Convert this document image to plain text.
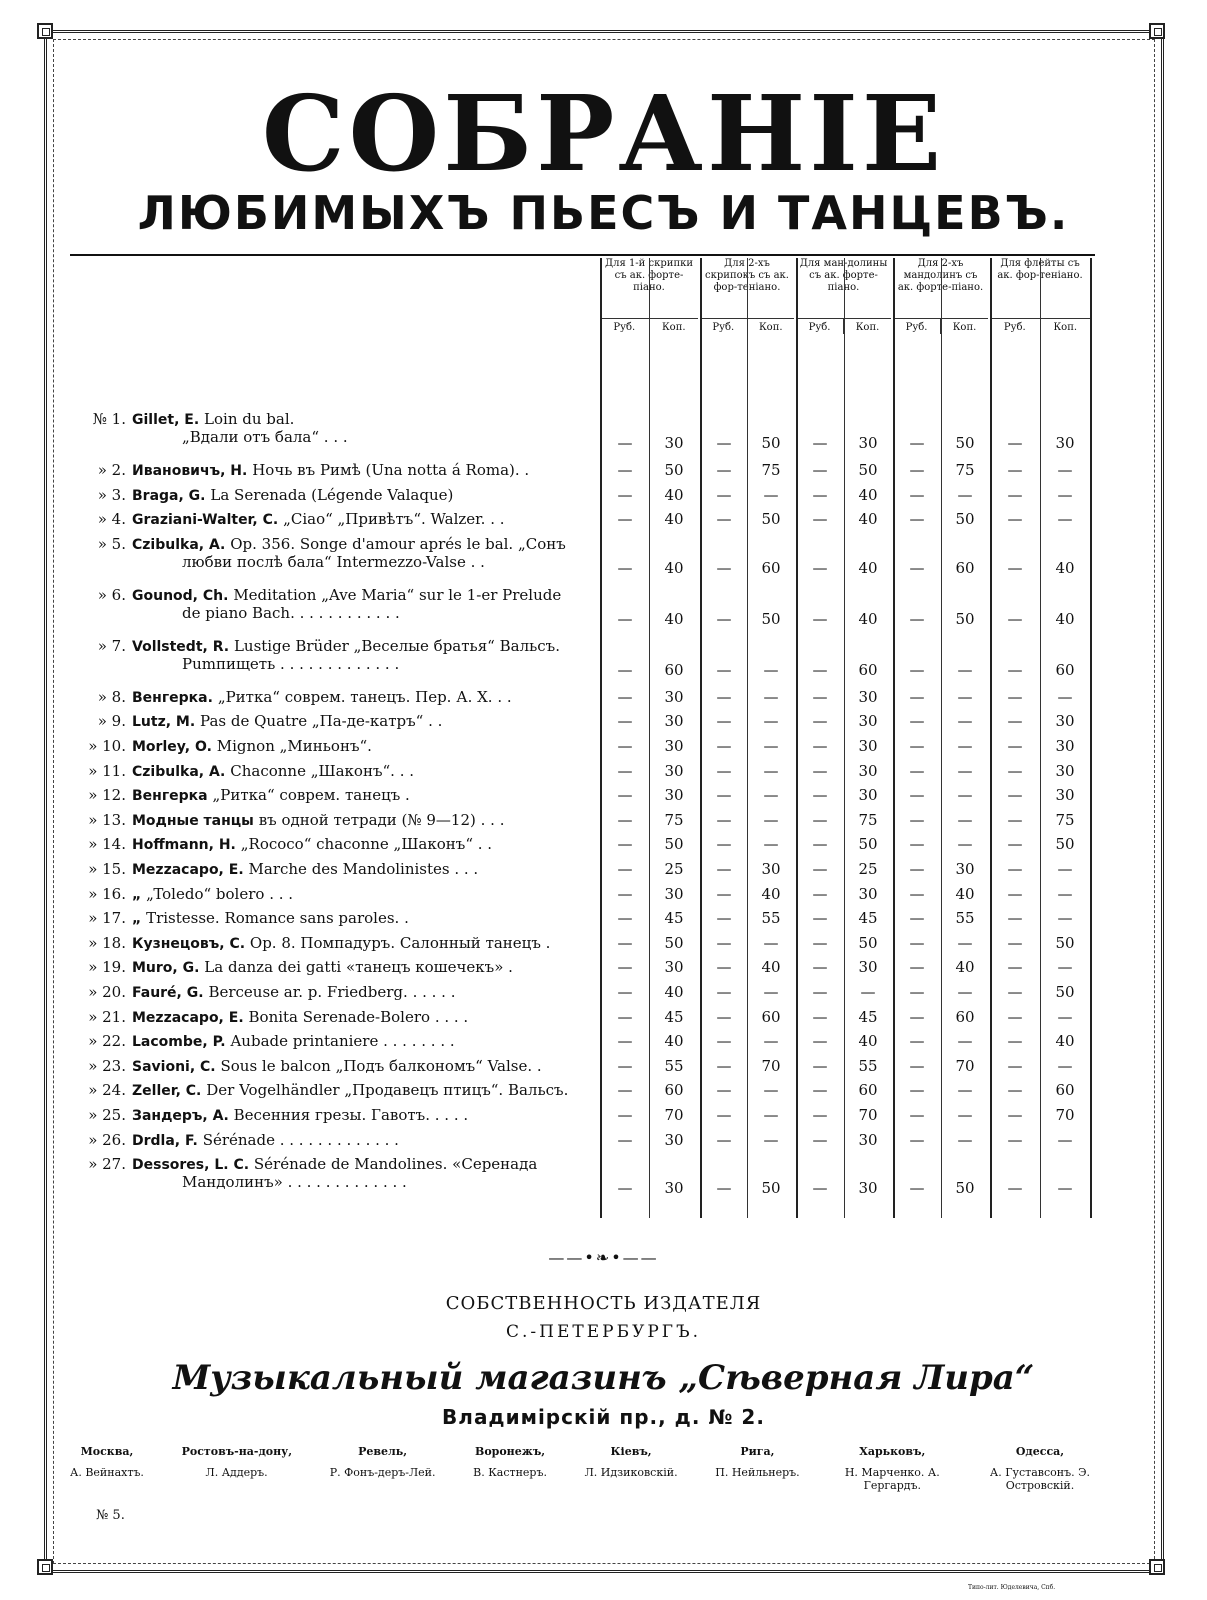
СОБРАНІЕ
ЛЮБИМЫХЪ ПЬЕСЪ И ТАНЦЕВЪ.
Для 1-й скрипки съ ак. форте-піано.
Руб.	Коп.
Для 2-хъ скрипокъ съ ак. фор-теніано.
Руб.	Коп.
Для ман-долины съ ак. форте-піано.
Руб.	Коп.
Для 2-хъ мандолинъ съ ак. форте-піано.
Руб.	Коп.
Для флейты съ ак. фор-теніано.
Руб.	Коп.
№ 1. Gillet, E. Loin du bal.
„Вдали отъ бала“ . . .	—	30	—	50	—	30	—	50	—	30
» 2. Ивановичъ, Н. Ночь въ Римѣ (Una notta á Roma). .	—	50	—	75	—	50	—	75	—	—
» 3. Braga, G. La Serenada (Légende Valaque)	—	40	—	—	—	40	—	—	—	—
» 4. Graziani-Walter, C. „Ciao“ „Привѣтъ“. Walzer. . .	—	40	—	50	—	40	—	50	—	—
» 5. Czibulka, A. Op. 356. Songe d'amour aprés le bal. „Сонъ
любви послѣ бала“ Intermezzo-Valse . .	—	40	—	60	—	40	—	60	—	40
» 6. Gounod, Ch. Meditation „Ave Maria“ sur le 1-er Prelude
de piano Bach. . . . . . . . . . . .	—	40	—	50	—	40	—	50	—	40
» 7. Vollstedt, R. Lustige Brüder „Веселые братья“ Вальсъ.
Рumпищеть . . . . . . . . . . . . .	—	60	—	—	—	60	—	—	—	60
» 8. Венгерка. „Ритка“ соврем. танецъ. Пер. А. Х. . .	—	30	—	—	—	30	—	—	—	—
» 9. Lutz, M. Pas de Quatre „Па-де-катръ“ . .	—	30	—	—	—	30	—	—	—	30
» 10. Morley, O. Mignon „Миньонъ“.	—	30	—	—	—	30	—	—	—	30
» 11. Czibulka, A. Chaconne „Шаконъ“. . .	—	30	—	—	—	30	—	—	—	30
» 12. Венгерка „Ритка“ соврем. танецъ .	—	30	—	—	—	30	—	—	—	30
» 13. Модные танцы въ одной тетради (№ 9—12) . . .	—	75	—	—	—	75	—	—	—	75
» 14. Hoffmann, H. „Rococo“ chaconne „Шаконъ“ . .	—	50	—	—	—	50	—	—	—	50
» 15. Mezzacapo, E. Marche des Mandolinistes . . .	—	25	—	30	—	25	—	30	—	—
» 16. „ „Toledo“ bolero . . .	—	30	—	40	—	30	—	40	—	—
» 17. „ Tristesse. Romance sans paroles. .	—	45	—	55	—	45	—	55	—	—
» 18. Кузнецовъ, С. Op. 8. Помпадуръ. Салонный танецъ .	—	50	—	—	—	50	—	—	—	50
» 19. Muro, G. La danza dei gatti «танецъ кошечекъ» .	—	30	—	40	—	30	—	40	—	—
» 20. Fauré, G. Berceuse ar. p. Friedberg. . . . . .	—	40	—	—	—	—	—	—	—	50
» 21. Mezzacapo, E. Bonita Serenade-Bolero . . . .	—	45	—	60	—	45	—	60	—	—
» 22. Lacombe, P. Aubade printaniere . . . . . . . .	—	40	—	—	—	40	—	—	—	40
» 23. Savioni, C. Sous le balcon „Подъ балкономъ“ Valse. .	—	55	—	70	—	55	—	70	—	—
» 24. Zeller, C. Der Vogelhändler „Продавецъ птицъ“. Вальсъ.	—	60	—	—	—	60	—	—	—	60
» 25. Зандеръ, А. Весенния грезы. Гавотъ. . . . .	—	70	—	—	—	70	—	—	—	70
» 26. Drdla, F. Sérénade . . . . . . . . . . . . .	—	30	—	—	—	30	—	—	—	—
» 27. Dessores, L. C. Sérénade de Mandolines. «Серенада
Мандолинъ» . . . . . . . . . . . . .	—	30	—	50	—	30	—	50	—	—
——•❧•——
СОБСТВЕННОСТЬ ИЗДАТЕЛЯ
С.-ПЕТЕРБУРГЪ.
Музыкальный магазинъ „Сѣверная Лира“
Владимірскій пр., д. № 2.
Москва,
А. Вейнахтъ.
Ростовъ-на-дону,
Л. Аддеръ.
Ревель,
Р. Фонъ-деръ-Лей.
Воронежъ,
В. Кастнеръ.
Кіевъ,
Л. Идзиковскій.
Рига,
П. Нейльнеръ.
Харьковъ,
Н. Марченко. А. Гергардъ.
Одесса,
А. Густавсонъ. Э. Островскій.
№ 5.
Типо-лит. Юделевича, Спб.
